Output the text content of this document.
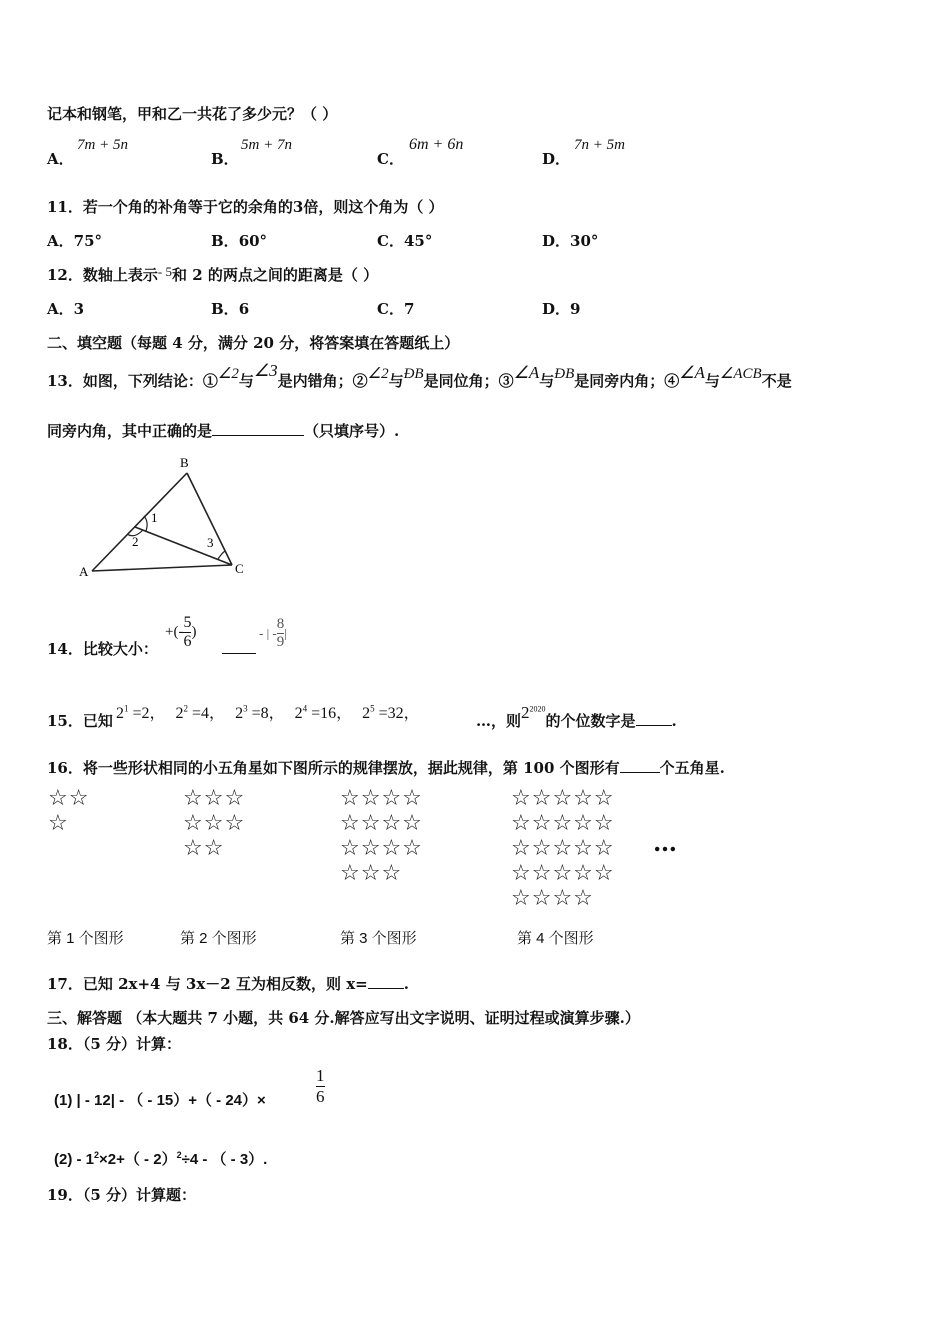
记本和钢笔，甲和乙一共花了多少元？（ ）
A．
7m + 5n
B．
5m + 7n
C．
6m + 6n
D．
7n + 5m
11．若一个角的补角等于它的余角的3倍，则这个角为（ ）
A．75°	B．60°	C．45°	D．30°
12．数轴上表示- 5和 2 的两点之间的距离是（ ）
A．3	B．6	C．7	D．9
二、填空题（每题 4 分，满分 20 分，将答案填在答题纸上）
13．如图，下列结论：①∠2与∠3是内错角；②∠2与ÐB是同位角；③∠A与ÐB是同旁内角；④∠A与∠ACB不是
同旁内角，其中正确的是	（只填序号）.
B
A	C
1
2	3
14．比较大小：
+(- $\frac{5}{6}$ )	- | - $\frac{8}{9}$ |
15．已知 $2^1 =2$， $2^2 =4$， $2^3 =8$， $2^4 =16$， $2^5 =32$，	…，则$2^{2020}$的个位数字是 .
16．将一些形状相同的小五角星如下图所示的规律摆放，据此规律，第 100 个图形有	个五角星.
☆☆
☆
☆☆☆
☆☆☆
☆☆
☆☆☆☆
☆☆☆☆
☆☆☆☆
☆☆☆
☆☆☆☆☆
☆☆☆☆☆
☆☆☆☆☆
☆☆☆☆☆
☆☆☆☆
…
第 1 个图形	第 2 个图形	第 3 个图形	第 4 个图形
17．已知 2x+4 与 3x－2 互为相反数，则 x= .
三、解答题 （本大题共 7 小题，共 64 分.解答应写出文字说明、证明过程或演算步骤.）
18．（5 分）计算：
(1) | - 12| - （ - 15）+（ - 24）×
1
6
$(2) - 1^2\times 2+( - 2)^2\div 4$ - （ - 3）.
19．（5 分）计算题：
